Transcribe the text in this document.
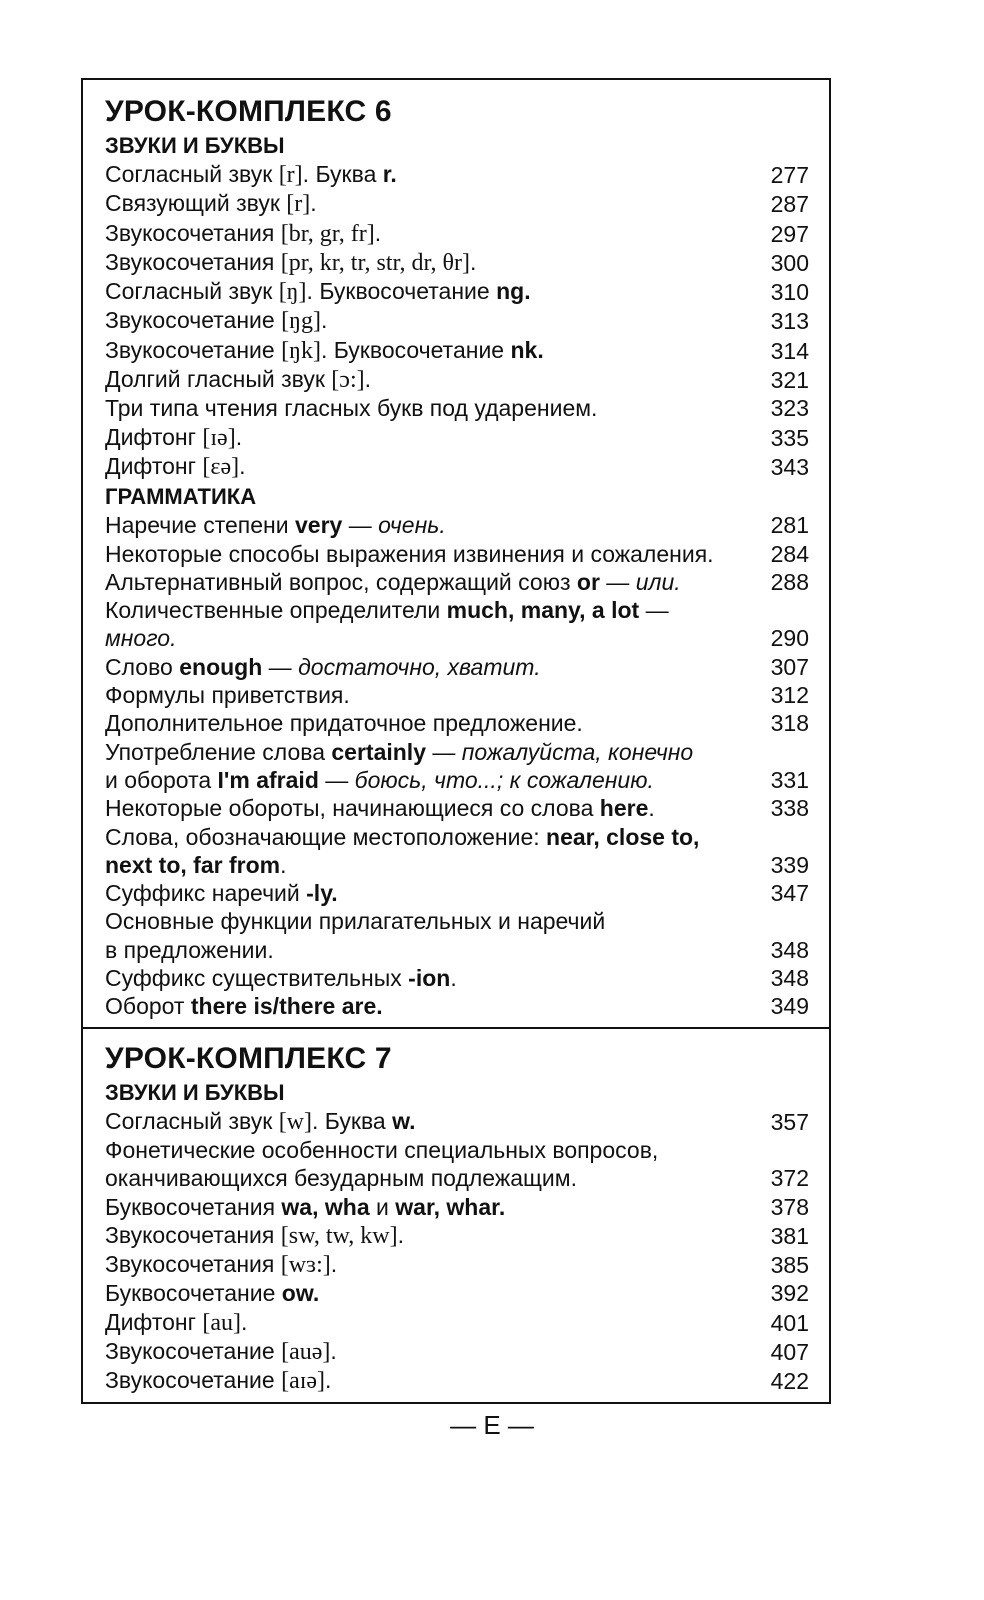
УРОК-КОМПЛЕКС 6
ЗВУКИ И БУКВЫ
Согласный звук [r]. Буква r.	277
Связующий звук [r].	287
Звукосочетания [br, gr, fr].	297
Звукосочетания [pr, kr, tr, str, dr, θr].	300
Согласный звук [ŋ]. Буквосочетание ng.	310
Звукосочетание [ŋg].	313
Звукосочетание [ŋk]. Буквосочетание nk.	314
Долгий гласный звук [ɔ:].	321
Три типа чтения гласных букв под ударением.	323
Дифтонг [ɪə].	335
Дифтонг [ɛə].	343
ГРАММАТИКА
Наречие степени very — очень.	281
Некоторые способы выражения извинения и сожаления.	284
Альтернативный вопрос, содержащий союз or — или.	288
Количественные определители much, many, a lot —
много.	290
Слово enough — достаточно, хватит.	307
Формулы приветствия.	312
Дополнительное придаточное предложение.	318
Употребление слова certainly — пожалуйста, конечно
и оборота I'm afraid — боюсь, что...; к сожалению.	331
Некоторые обороты, начинающиеся со слова here.	338
Слова, обозначающие местоположение: near, close to,
next to, far from.	339
Суффикс наречий -ly.	347
Основные функции прилагательных и наречий
в предложении.	348
Суффикс существительных -ion.	348
Оборот there is/there are.	349
УРОК-КОМПЛЕКС 7
ЗВУКИ И БУКВЫ
Согласный звук [w]. Буква w.	357
Фонетические особенности специальных вопросов,
оканчивающихся безударным подлежащим.	372
Буквосочетания wa, wha и war, whar.	378
Звукосочетания [sw, tw, kw].	381
Звукосочетания [wɜ:].	385
Буквосочетание ow.	392
Дифтонг [au].	401
Звукосочетание [auə].	407
Звукосочетание [aɪə].	422
— E —
